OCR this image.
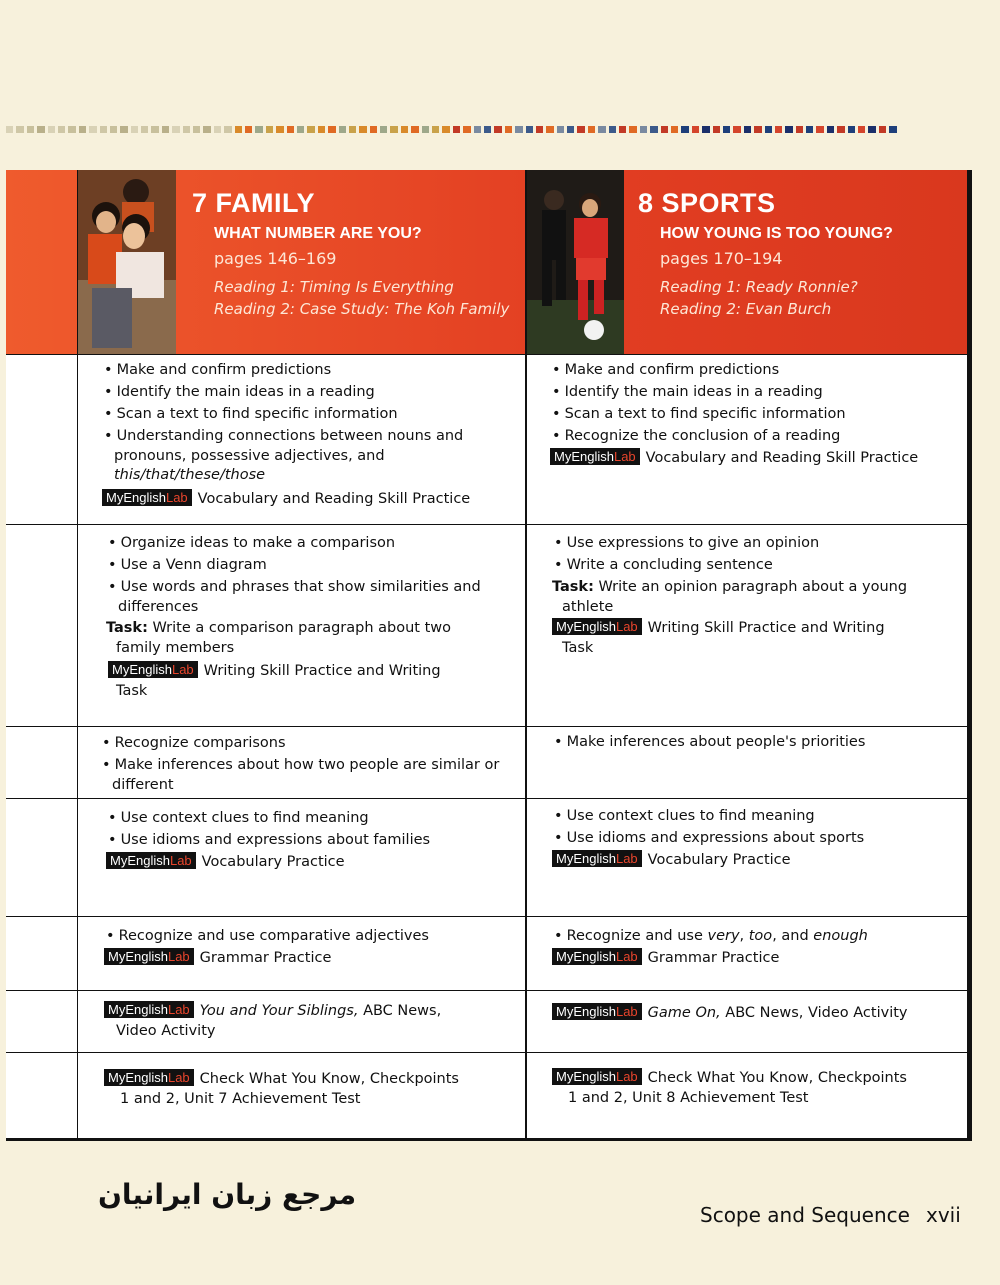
7 FAMILY
WHAT NUMBER ARE YOU?
pages 146–169
Reading 1: Timing Is Everything
Reading 2: Case Study: The Koh Family
8 SPORTS
HOW YOUNG IS TOO YOUNG?
pages 170–194
Reading 1: Ready Ronnie?
Reading 2: Evan Burch
• Make and confirm predictions
• Identify the main ideas in a reading
• Scan a text to find specific information
• Understanding connections between nouns and
pronouns, possessive adjectives, and this/that/these/those
MyEnglishLab Vocabulary and Reading Skill Practice
• Make and confirm predictions
• Identify the main ideas in a reading
• Scan a text to find specific information
• Recognize the conclusion of a reading
MyEnglishLab Vocabulary and Reading Skill Practice
• Organize ideas to make a comparison
• Use a Venn diagram
• Use words and phrases that show similarities and
differences
Task: Write a comparison paragraph about two
family members
MyEnglishLab Writing Skill Practice and Writing
Task
• Use expressions to give an opinion
• Write a concluding sentence
Task: Write an opinion paragraph about a young
athlete
MyEnglishLab Writing Skill Practice and Writing
Task
• Recognize comparisons
• Make inferences about how two people are similar or
different
• Make inferences about people's priorities
• Use context clues to find meaning
• Use idioms and expressions about families
MyEnglishLab Vocabulary Practice
• Use context clues to find meaning
• Use idioms and expressions about sports
MyEnglishLab Vocabulary Practice
• Recognize and use comparative adjectives
MyEnglishLab Grammar Practice
• Recognize and use very, too, and enough
MyEnglishLab Grammar Practice
MyEnglishLab You and Your Siblings, ABC News,
Video Activity
MyEnglishLab Game On, ABC News, Video Activity
MyEnglishLab Check What You Know, Checkpoints
1 and 2, Unit 7 Achievement Test
MyEnglishLab Check What You Know, Checkpoints
1 and 2, Unit 8 Achievement Test
مرجع زبان ایرانیان
Scope and Sequence xvii
